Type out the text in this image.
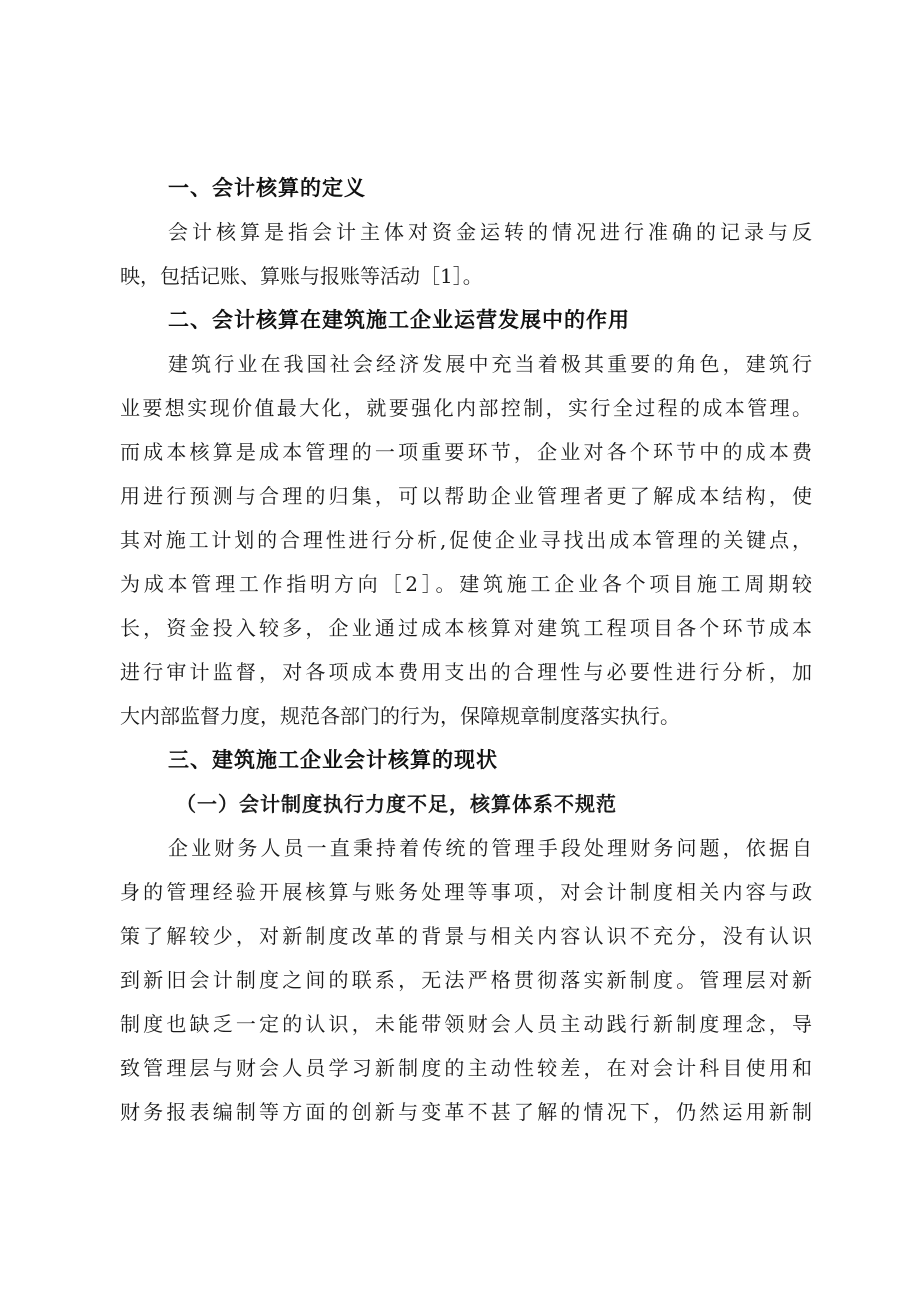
一、会计核算的定义
会计核算是指会计主体对资金运转的情况进行准确的记录与反
映，包括记账、算账与报账等活动［1］。
二、会计核算在建筑施工企业运营发展中的作用
建筑行业在我国社会经济发展中充当着极其重要的角色，建筑行
业要想实现价值最大化，就要强化内部控制，实行全过程的成本管理。
而成本核算是成本管理的一项重要环节，企业对各个环节中的成本费
用进行预测与合理的归集，可以帮助企业管理者更了解成本结构，使
其对施工计划的合理性进行分析,促使企业寻找出成本管理的关键点，
为成本管理工作指明方向［2］。建筑施工企业各个项目施工周期较
长，资金投入较多，企业通过成本核算对建筑工程项目各个环节成本
进行审计监督，对各项成本费用支出的合理性与必要性进行分析，加
大内部监督力度，规范各部门的行为，保障规章制度落实执行。
三、建筑施工企业会计核算的现状
（一）会计制度执行力度不足，核算体系不规范
企业财务人员一直秉持着传统的管理手段处理财务问题，依据自
身的管理经验开展核算与账务处理等事项，对会计制度相关内容与政
策了解较少，对新制度改革的背景与相关内容认识不充分，没有认识
到新旧会计制度之间的联系，无法严格贯彻落实新制度。管理层对新
制度也缺乏一定的认识，未能带领财会人员主动践行新制度理念，导
致管理层与财会人员学习新制度的主动性较差，在对会计科目使用和
财务报表编制等方面的创新与变革不甚了解的情况下，仍然运用新制
